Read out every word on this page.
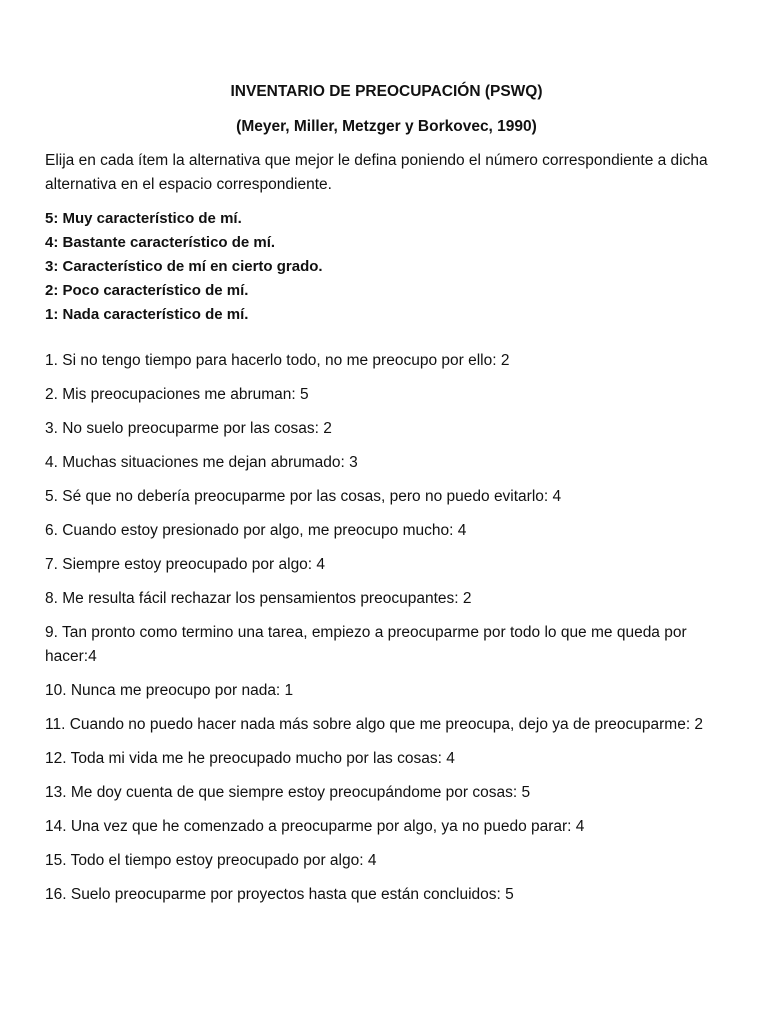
INVENTARIO DE PREOCUPACIÓN (PSWQ)
(Meyer, Miller, Metzger y Borkovec, 1990)
Elija en cada ítem la alternativa que mejor le defina poniendo el número correspondiente a dicha alternativa en el espacio correspondiente.
5: Muy característico de mí.
4: Bastante característico de mí.
3: Característico de mí en cierto grado.
2: Poco característico de mí.
1: Nada característico de mí.
1. Si no tengo tiempo para hacerlo todo, no me preocupo por ello: 2
2. Mis preocupaciones me abruman: 5
3. No suelo preocuparme por las cosas: 2
4. Muchas situaciones me dejan abrumado: 3
5. Sé que no debería preocuparme por las cosas, pero no puedo evitarlo: 4
6. Cuando estoy presionado por algo, me preocupo mucho: 4
7. Siempre estoy preocupado por algo: 4
8. Me resulta fácil rechazar los pensamientos preocupantes: 2
9. Tan pronto como termino una tarea, empiezo a preocuparme por todo lo que me queda por hacer:4
10. Nunca me preocupo por nada: 1
11. Cuando no puedo hacer nada más sobre algo que me preocupa, dejo ya de preocuparme: 2
12. Toda mi vida me he preocupado mucho por las cosas: 4
13. Me doy cuenta de que siempre estoy preocupándome por cosas: 5
14. Una vez que he comenzado a preocuparme por algo, ya no puedo parar: 4
15. Todo el tiempo estoy preocupado por algo: 4
16. Suelo preocuparme por proyectos hasta que están concluidos: 5
